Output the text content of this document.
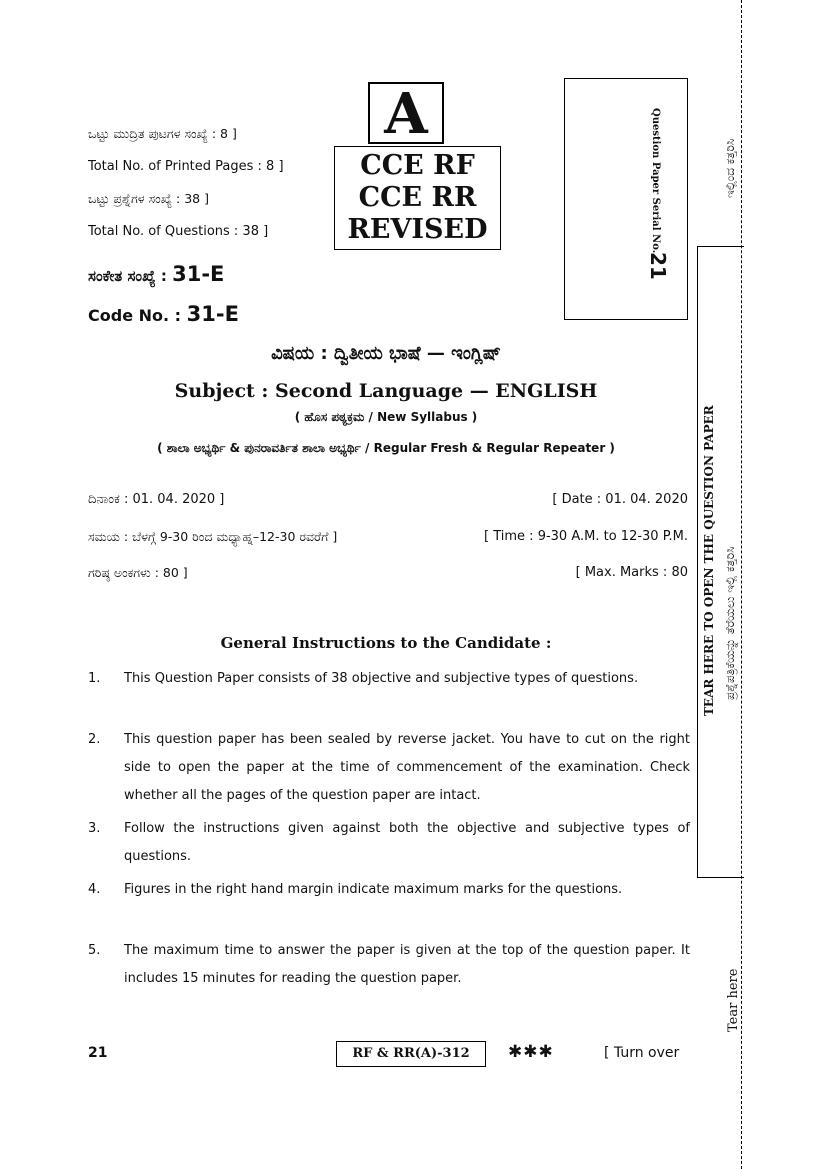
ಒಟ್ಟು ಮುದ್ರಿತ ಪುಟಗಳ ಸಂಖ್ಯೆ : 8 ]
Total No. of Printed Pages : 8 ]
ಒಟ್ಟು ಪ್ರಶ್ನೆಗಳ ಸಂಖ್ಯೆ : 38 ]
Total No. of Questions : 38 ]
ಸಂಕೇತ ಸಂಖ್ಯೆ : 31-E
Code No. : 31-E
A
CCE RF
CCE RR
REVISED	Question Paper Serial No.
21
ವಿಷಯ : ದ್ವಿತೀಯ ಭಾಷೆ — ಇಂಗ್ಲಿಷ್
Subject : Second Language — ENGLISH
( ಹೊಸ ಪಠ್ಯಕ್ರಮ / New Syllabus )
( ಶಾಲಾ ಅಭ್ಯರ್ಥಿ & ಪುನರಾವರ್ತಿತ ಶಾಲಾ ಅಭ್ಯರ್ಥಿ / Regular Fresh & Regular Repeater )
ದಿನಾಂಕ : 01. 04. 2020 ]	[ Date : 01. 04. 2020
ಸಮಯ : ಬೆಳಗ್ಗೆ 9-30 ರಿಂದ ಮಧ್ಯಾಹ್ನ–12-30 ರವರೆಗೆ ]	[ Time : 9-30 A.M. to 12-30 P.M.
ಗರಿಷ್ಠ ಅಂಕಗಳು : 80 ]	[ Max. Marks : 80
General Instructions to the Candidate :
1. This Question Paper consists of 38 objective and subjective types of questions.
2. This question paper has been sealed by reverse jacket. You have to cut on the right side to open the paper at the time of commencement of the examination. Check whether all the pages of the question paper are intact.
3. Follow the instructions given against both the objective and subjective types of questions.
4. Figures in the right hand margin indicate maximum marks for the questions.
5. The maximum time to answer the paper is given at the top of the question paper. It includes 15 minutes for reading the question paper.
ಇಲ್ಲಿಂದ ಕತ್ತರಿಸಿ
TEAR HERE TO OPEN THE QUESTION PAPER ಪ್ರಶ್ನೆಪತ್ರಿಕೆಯನ್ನು ತೆರೆಯಲು ಇಲ್ಲಿ ಕತ್ತರಿಸಿ
Tear here
21	RF & RR(A)-312	✱✱✱	[ Turn over
